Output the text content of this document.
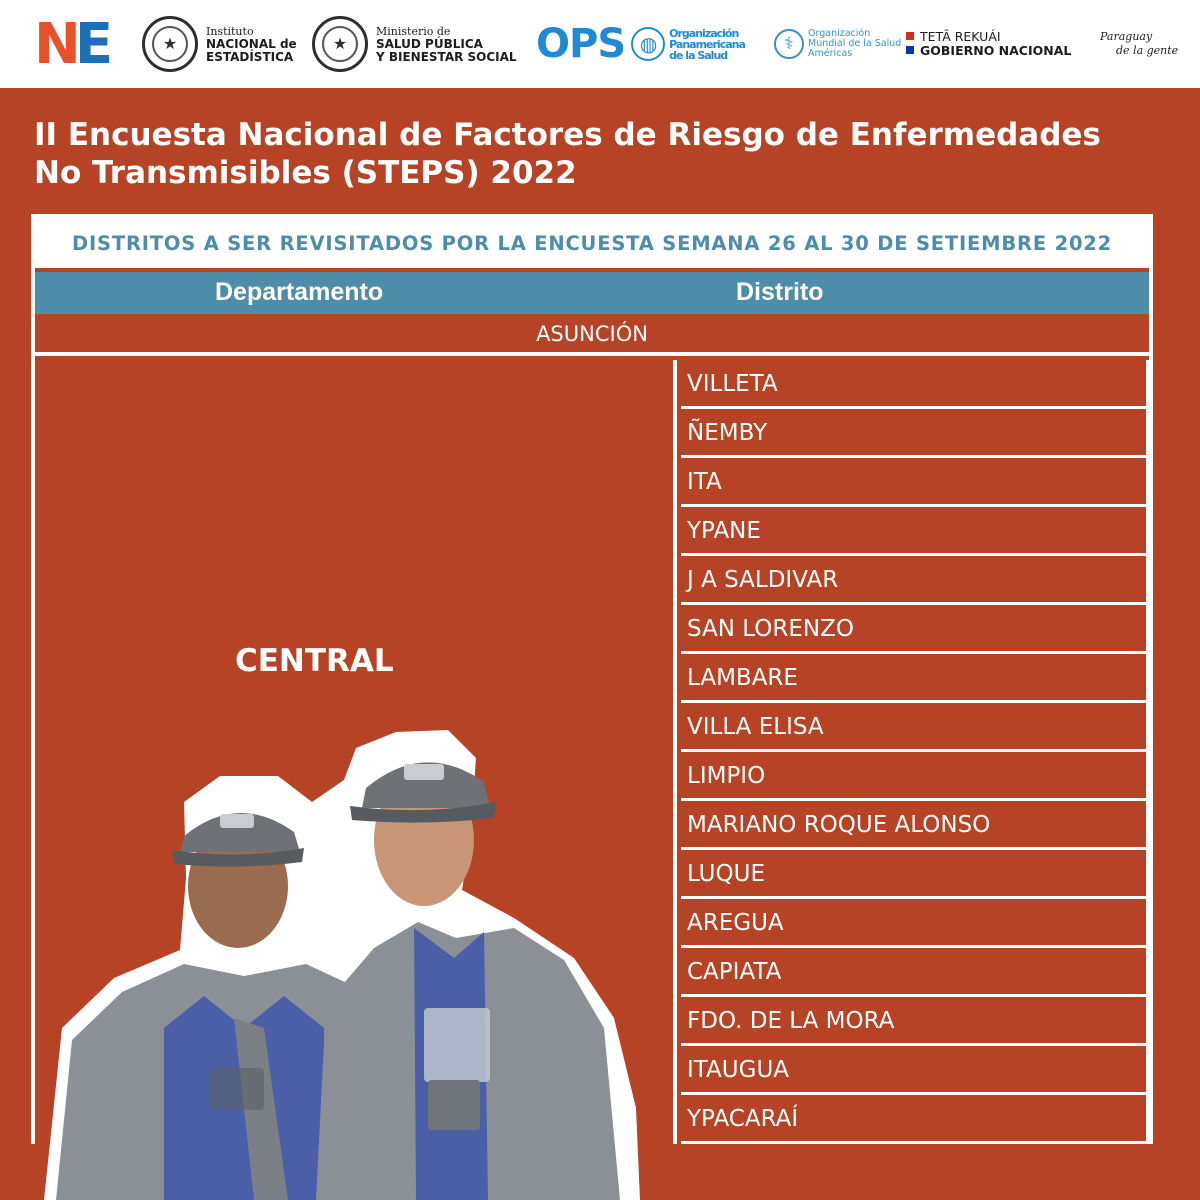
N E	★
Instituto
NACIONAL de
ESTADÍSTICA
★
Ministerio de
SALUD PÚBLICA
Y BIENESTAR SOCIAL OPS ◍	Organización
Panamericana
de la Salud
⚕
Organización
Mundial de la Salud
Américas
TETÃ REKUÁI
GOBIERNO NACIONAL
Paraguay
de la gente
II Encuesta Nacional de Factores de Riesgo de Enfermedades
No Transmisibles (STEPS) 2022
DISTRITOS A SER REVISITADOS POR LA ENCUESTA SEMANA 26 AL 30 DE SETIEMBRE 2022
Departamento	Distrito
ASUNCIÓN
CENTRAL
VILLETA
ÑEMBY
ITA
YPANE
J A SALDIVAR
SAN LORENZO
LAMBARE
VILLA ELISA
LIMPIO
MARIANO ROQUE ALONSO
LUQUE
AREGUA
CAPIATA
FDO. DE LA MORA
ITAUGUA
YPACARAÍ
